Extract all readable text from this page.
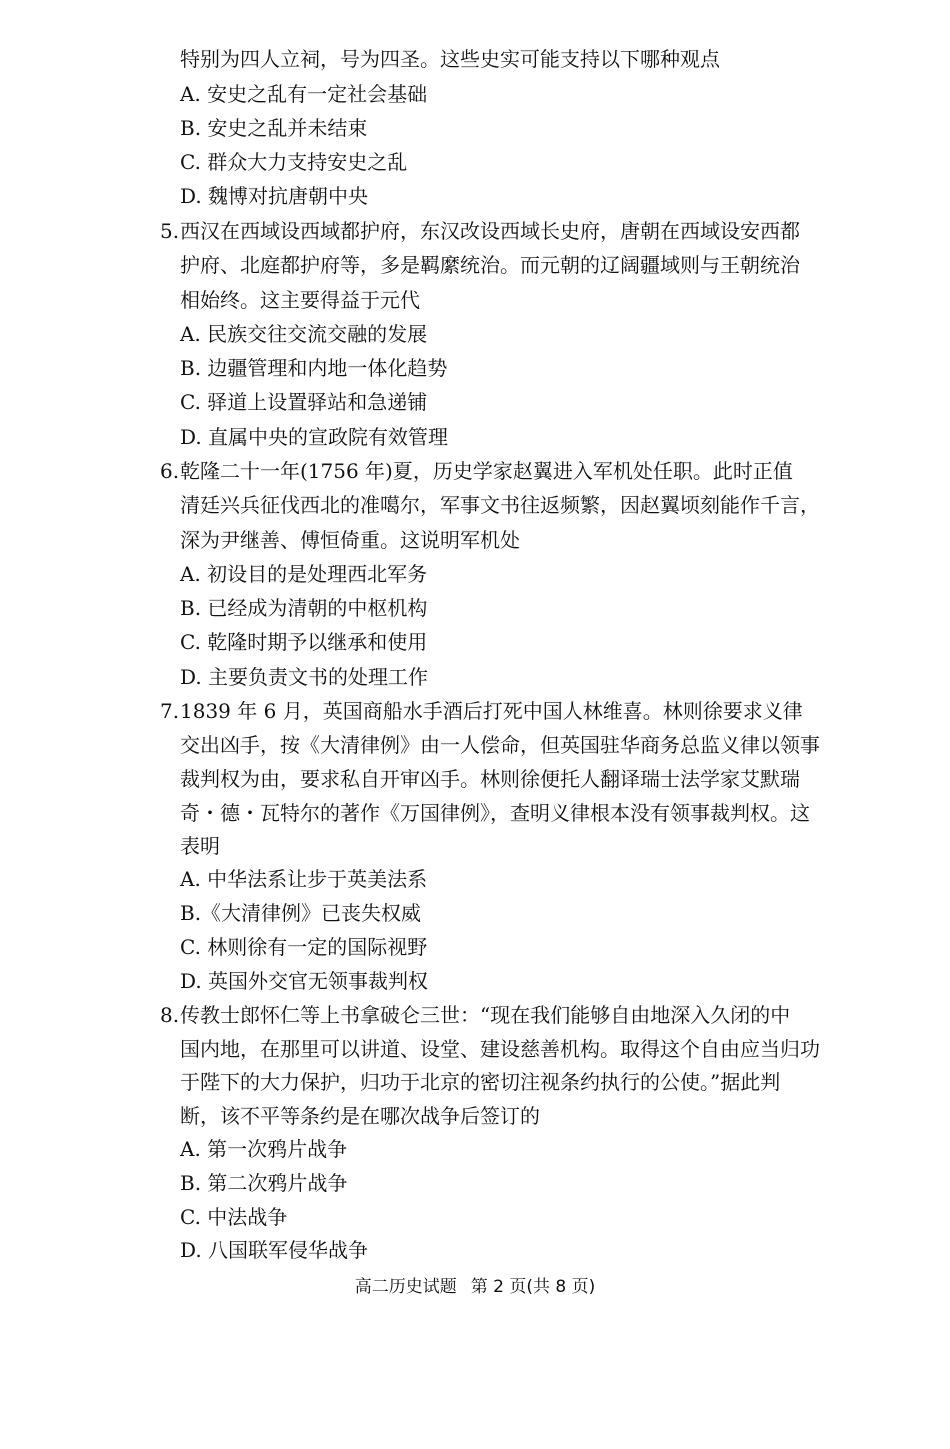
特别为四人立祠，号为四圣。这些史实可能支持以下哪种观点
A. 安史之乱有一定社会基础
B. 安史之乱并未结束
C. 群众大力支持安史之乱
D. 魏博对抗唐朝中央
5. 西汉在西域设西域都护府，东汉改设西域长史府，唐朝在西域设安西都
护府、北庭都护府等，多是羁縻统治。而元朝的辽阔疆域则与王朝统治
相始终。这主要得益于元代
A. 民族交往交流交融的发展
B. 边疆管理和内地一体化趋势
C. 驿道上设置驿站和急递铺
D. 直属中央的宣政院有效管理
6. 乾隆二十一年(1756 年)夏，历史学家赵翼进入军机处任职。此时正值
清廷兴兵征伐西北的准噶尔，军事文书往返频繁，因赵翼顷刻能作千言，
深为尹继善、傅恒倚重。这说明军机处
A. 初设目的是处理西北军务
B. 已经成为清朝的中枢机构
C. 乾隆时期予以继承和使用
D. 主要负责文书的处理工作
7. 1839 年 6 月，英国商船水手酒后打死中国人林维喜。林则徐要求义律
交出凶手，按《大清律例》由一人偿命，但英国驻华商务总监义律以领事
裁判权为由，要求私自开审凶手。林则徐便托人翻译瑞士法学家艾默瑞
奇・德・瓦特尔的著作《万国律例》，查明义律根本没有领事裁判权。这
表明
A. 中华法系让步于英美法系
B.《大清律例》已丧失权威
C. 林则徐有一定的国际视野
D. 英国外交官无领事裁判权
8. 传教士郎怀仁等上书拿破仑三世：“现在我们能够自由地深入久闭的中
国内地，在那里可以讲道、设堂、建设慈善机构。取得这个自由应当归功
于陛下的大力保护，归功于北京的密切注视条约执行的公使。”据此判
断，该不平等条约是在哪次战争后签订的
A. 第一次鸦片战争
B. 第二次鸦片战争
C. 中法战争
D. 八国联军侵华战争
高二历史试题 第 2 页(共 8 页)
